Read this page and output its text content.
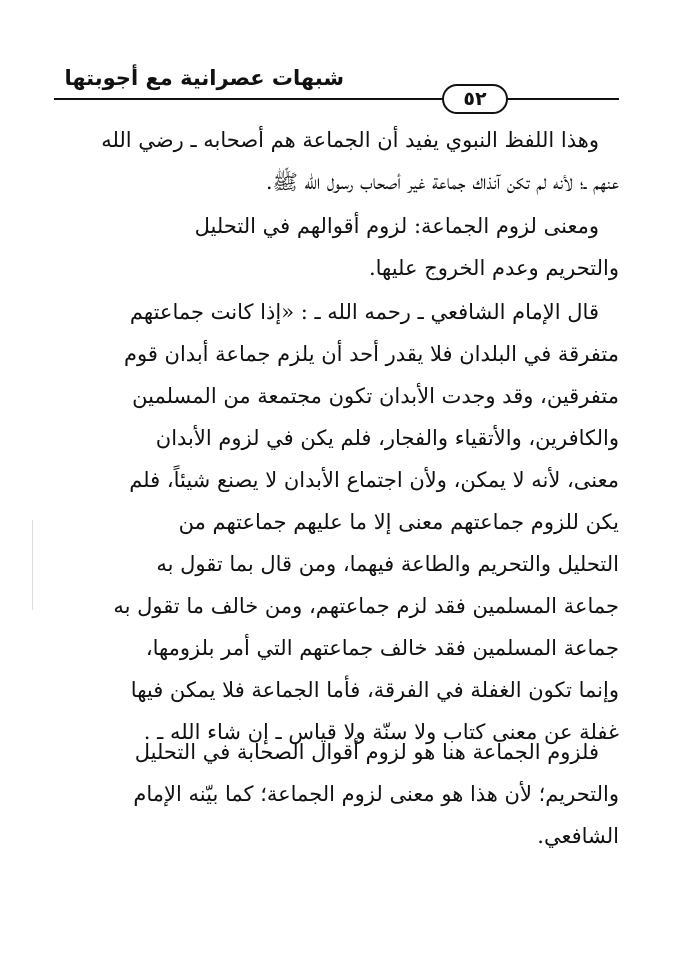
شبهات عصرانية مع أجوبتها
٥٢
وهذا اللفظ النبوي يفيد أن الجماعة هم أصحابه ـ رضي الله
عنهم ـ؛ لأنه لم تكن آنذاك جماعة غير أصحاب رسول الله ﷺ.
ومعنى لزوم الجماعة: لزوم أقوالهم في التحليل
والتحريم وعدم الخروج عليها.
قال الإمام الشافعي ـ رحمه الله ـ : «إذا كانت جماعتهم
متفرقة في البلدان فلا يقدر أحد أن يلزم جماعة أبدان قوم
متفرقين، وقد وجدت الأبدان تكون مجتمعة من المسلمين
والكافرين، والأتقياء والفجار، فلم يكن في لزوم الأبدان
معنى، لأنه لا يمكن، ولأن اجتماع الأبدان لا يصنع شيئاً، فلم
يكن للزوم جماعتهم معنى إلا ما عليهم جماعتهم من
التحليل والتحريم والطاعة فيهما، ومن قال بما تقول به
جماعة المسلمين فقد لزم جماعتهم، ومن خالف ما تقول به
جماعة المسلمين فقد خالف جماعتهم التي أمر بلزومها،
وإنما تكون الغفلة في الفرقة، فأما الجماعة فلا يمكن فيها
غفلة عن معنى كتاب ولا سنّة ولا قياس ـ إن شاء الله ـ .
فلزوم الجماعة هنا هو لزوم أقوال الصحابة في التحليل
والتحريم؛ لأن هذا هو معنى لزوم الجماعة؛ كما بيّنه الإمام
الشافعي.
